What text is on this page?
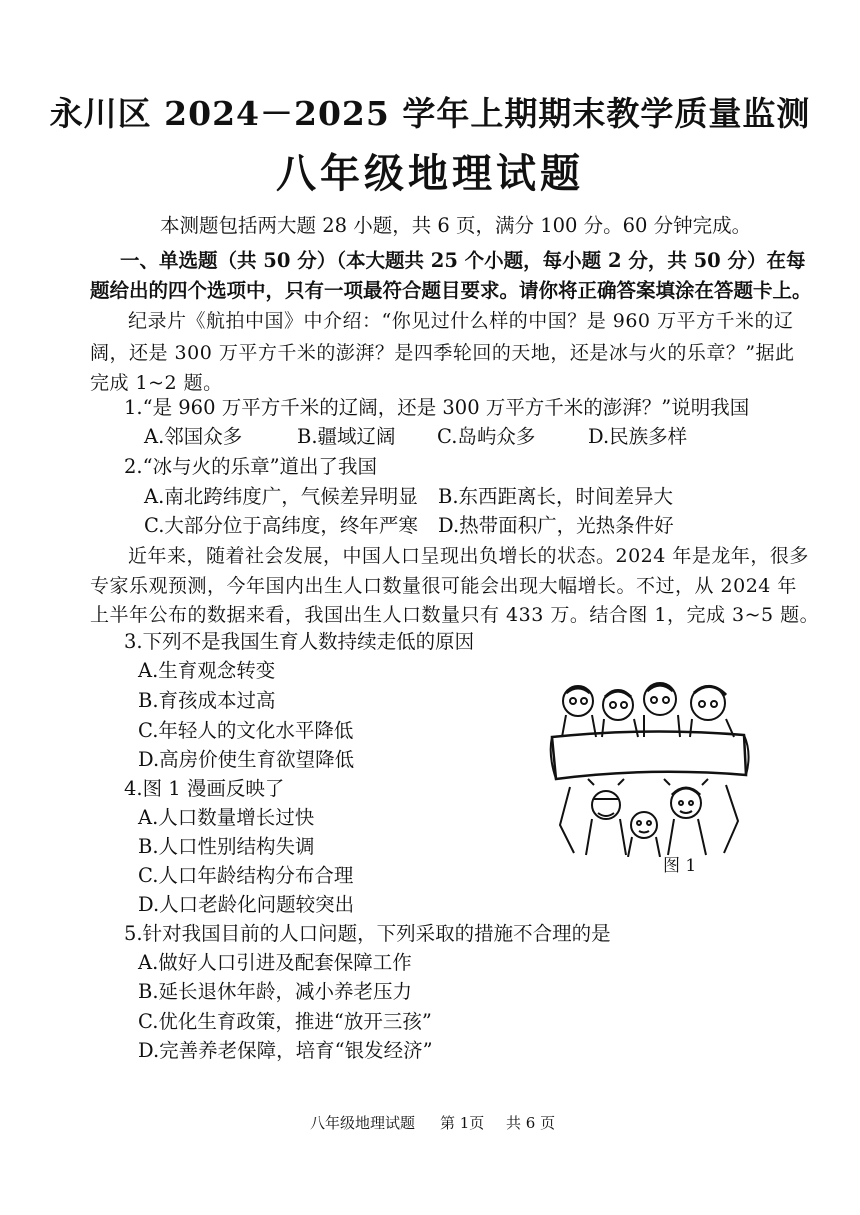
永川区 2024－2025 学年上期期末教学质量监测
八年级地理试题
本测题包括两大题 28 小题，共 6 页，满分 100 分。60 分钟完成。
一、单选题（共 50 分）（本大题共 25 个小题，每小题 2 分，共 50 分）在每
题给出的四个选项中，只有一项最符合题目要求。请你将正确答案填涂在答题卡上。
纪录片《航拍中国》中介绍：“你见过什么样的中国？是 960 万平方千米的辽
阔，还是 300 万平方千米的澎湃？是四季轮回的天地，还是冰与火的乐章？”据此
完成 1~2 题。
1.“是 960 万平方千米的辽阔，还是 300 万平方千米的澎湃？”说明我国
A.邻国众多	B.疆域辽阔 C.岛屿众多	D.民族多样
2.“冰与火的乐章”道出了我国
A.南北跨纬度广，气候差异明显 B.东西距离长，时间差异大
C.大部分位于高纬度，终年严寒 D.热带面积广，光热条件好
近年来，随着社会发展，中国人口呈现出负增长的状态。2024 年是龙年，很多
专家乐观预测，今年国内出生人口数量很可能会出现大幅增长。不过，从 2024 年
上半年公布的数据来看，我国出生人口数量只有 433 万。结合图 1，完成 3~5 题。
3.下列不是我国生育人数持续走低的原因
A.生育观念转变
B.育孩成本过高
C.年轻人的文化水平降低
D.高房价使生育欲望降低
4.图 1 漫画反映了
A.人口数量增长过快
B.人口性别结构失调
C.人口年龄结构分布合理
D.人口老龄化问题较突出
5.针对我国目前的人口问题，下列采取的措施不合理的是
A.做好人口引进及配套保障工作
B.延长退休年龄，减小养老压力
C.优化生育政策，推进“放开三孩”
D.完善养老保障，培育“银发经济”
图 1
八年级地理试题 第 1页 共 6 页
